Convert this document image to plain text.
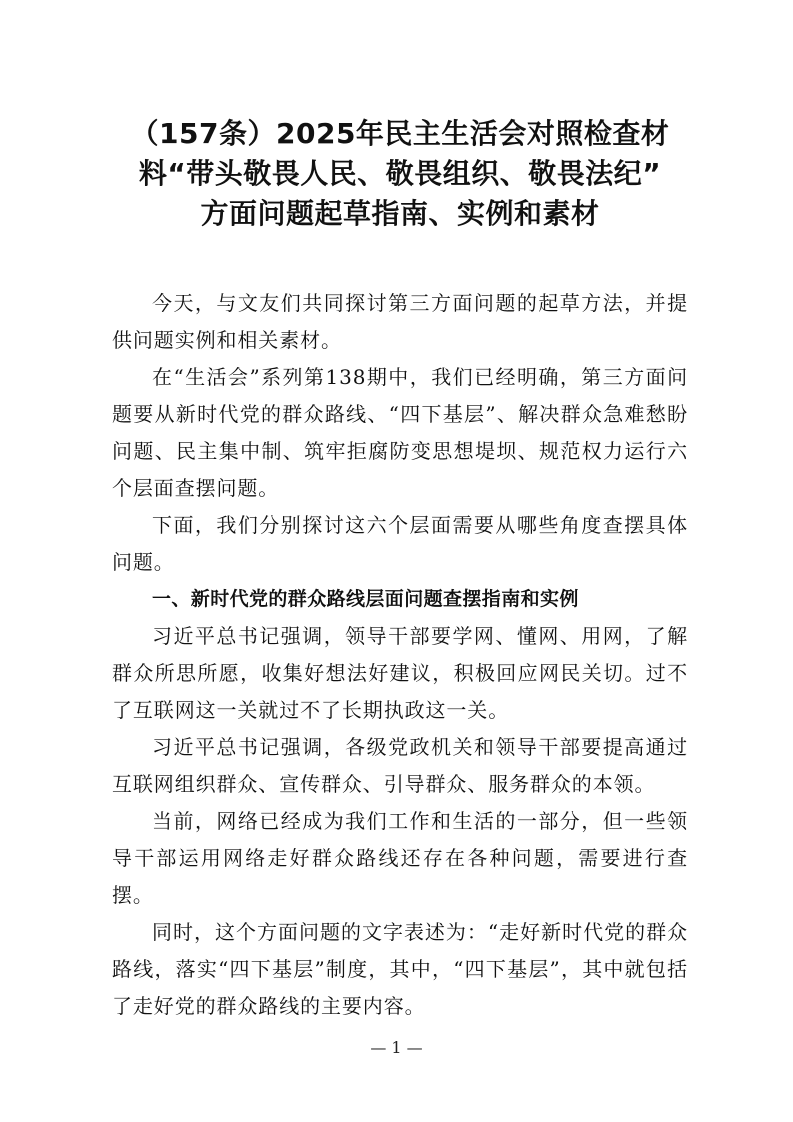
（157条）2025年民主生活会对照检查材
料“带头敬畏人民、敬畏组织、敬畏法纪”
方面问题起草指南、实例和素材

今天，与文友们共同探讨第三方面问题的起草方法，并提供问题实例和相关素材。

在“生活会”系列第138期中，我们已经明确，第三方面问题要从新时代党的群众路线、“四下基层”、解决群众急难愁盼问题、民主集中制、筑牢拒腐防变思想堤坝、规范权力运行六个层面查摆问题。

下面，我们分别探讨这六个层面需要从哪些角度查摆具体问题。

一、新时代党的群众路线层面问题查摆指南和实例

习近平总书记强调，领导干部要学网、懂网、用网，了解群众所思所愿，收集好想法好建议，积极回应网民关切。过不了互联网这一关就过不了长期执政这一关。

习近平总书记强调，各级党政机关和领导干部要提高通过互联网组织群众、宣传群众、引导群众、服务群众的本领。

当前，网络已经成为我们工作和生活的一部分，但一些领导干部运用网络走好群众路线还存在各种问题，需要进行查摆。

同时，这个方面问题的文字表述为：“走好新时代党的群众路线，落实“四下基层”制度，其中，“四下基层”，其中就包括了走好党的群众路线的主要内容。

— 1 —
